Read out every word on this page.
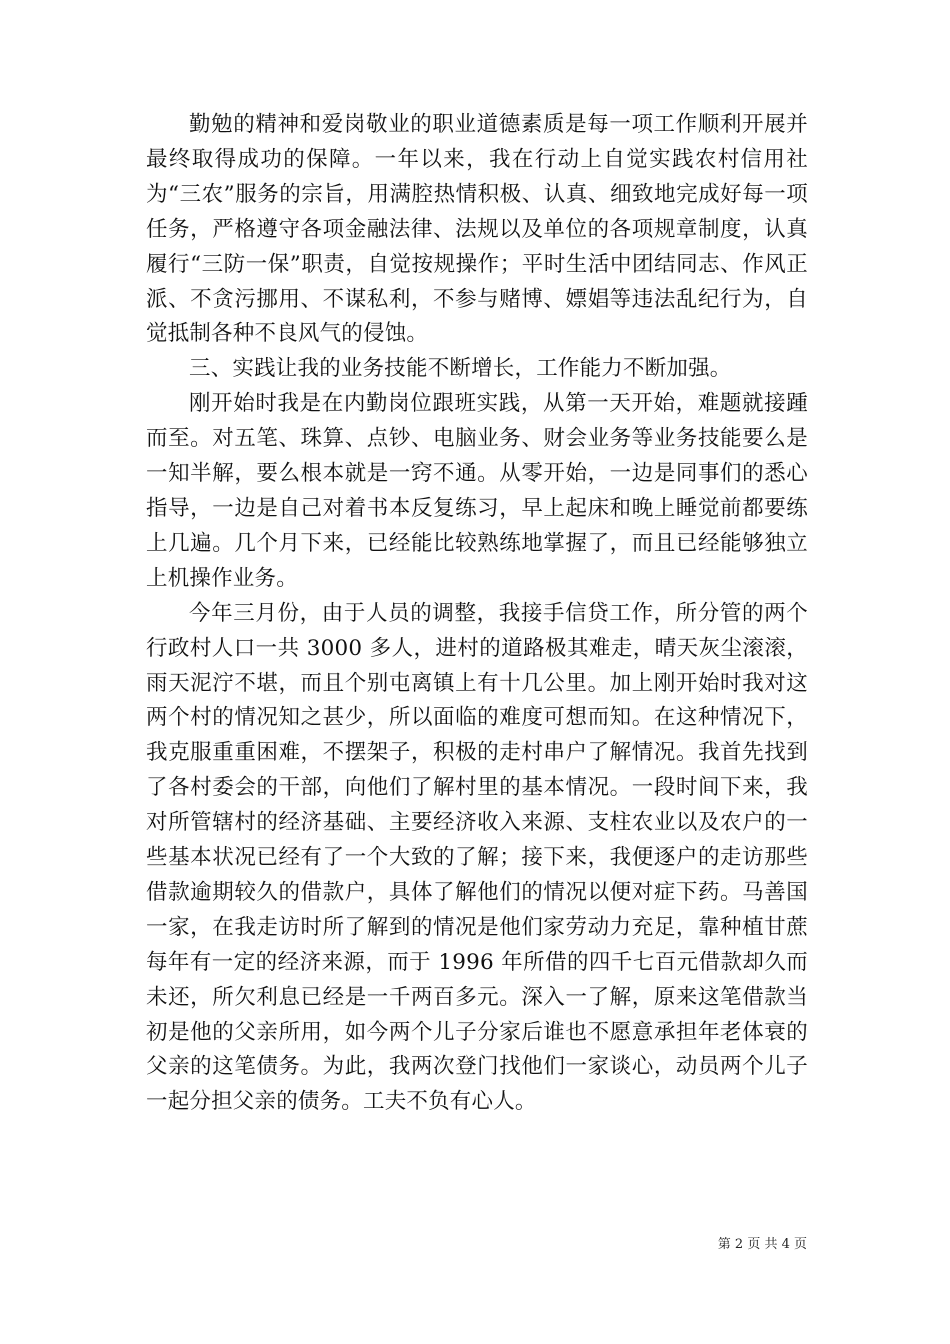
勤勉的精神和爱岗敬业的职业道德素质是每一项工作顺利开展并最终取得成功的保障。一年以来，我在行动上自觉实践农村信用社为“三农”服务的宗旨，用满腔热情积极、认真、细致地完成好每一项任务，严格遵守各项金融法律、法规以及单位的各项规章制度，认真履行“三防一保”职责，自觉按规操作；平时生活中团结同志、作风正派、不贪污挪用、不谋私利，不参与赌博、嫖娼等违法乱纪行为，自觉抵制各种不良风气的侵蚀。

三、实践让我的业务技能不断增长，工作能力不断加强。

刚开始时我是在内勤岗位跟班实践，从第一天开始，难题就接踵而至。对五笔、珠算、点钞、电脑业务、财会业务等业务技能要么是一知半解，要么根本就是一窍不通。从零开始，一边是同事们的悉心指导，一边是自己对着书本反复练习，早上起床和晚上睡觉前都要练上几遍。几个月下来，已经能比较熟练地掌握了，而且已经能够独立上机操作业务。

今年三月份，由于人员的调整，我接手信贷工作，所分管的两个行政村人口一共 3000 多人，进村的道路极其难走，晴天灰尘滚滚，雨天泥泞不堪，而且个别屯离镇上有十几公里。加上刚开始时我对这两个村的情况知之甚少，所以面临的难度可想而知。在这种情况下，我克服重重困难，不摆架子，积极的走村串户了解情况。我首先找到了各村委会的干部，向他们了解村里的基本情况。一段时间下来，我对所管辖村的经济基础、主要经济收入来源、支柱农业以及农户的一些基本状况已经有了一个大致的了解；接下来，我便逐户的走访那些借款逾期较久的借款户，具体了解他们的情况以便对症下药。马善国一家，在我走访时所了解到的情况是他们家劳动力充足，靠种植甘蔗每年有一定的经济来源，而于 1996 年所借的四千七百元借款却久而未还，所欠利息已经是一千两百多元。深入一了解，原来这笔借款当初是他的父亲所用，如今两个儿子分家后谁也不愿意承担年老体衰的父亲的这笔债务。为此，我两次登门找他们一家谈心，动员两个儿子一起分担父亲的债务。工夫不负有心人。

第 2 页 共 4 页
